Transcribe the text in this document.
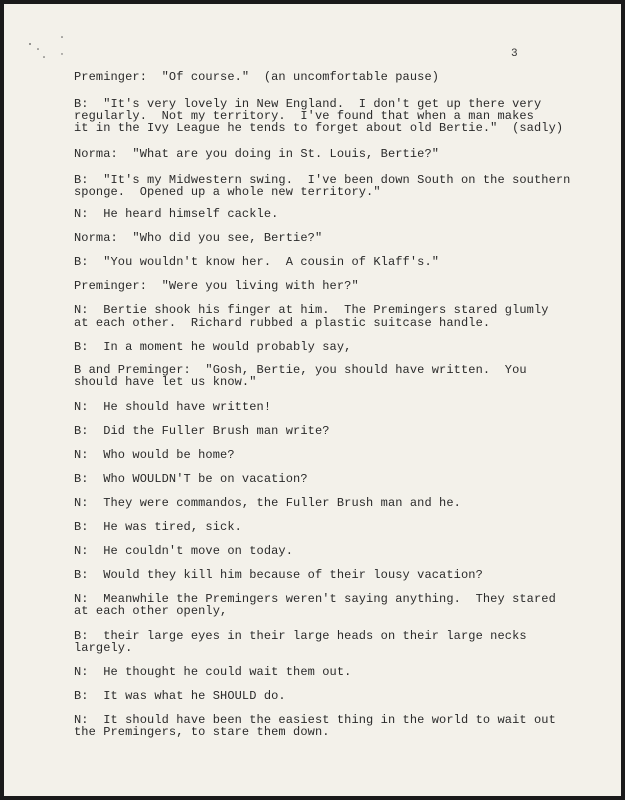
3
Preminger:  "Of course."  (an uncomfortable pause)
B:  "It's very lovely in New England.  I don't get up there very
regularly.  Not my territory.  I've found that when a man makes
it in the Ivy League he tends to forget about old Bertie."  (sadly)
Norma:  "What are you doing in St. Louis, Bertie?"
B:  "It's my Midwestern swing.  I've been down South on the southern
sponge.  Opened up a whole new territory."
N:  He heard himself cackle.
Norma:  "Who did you see, Bertie?"
B:  "You wouldn't know her.  A cousin of Klaff's."
Preminger:  "Were you living with her?"
N:  Bertie shook his finger at him.  The Premingers stared glumly
at each other.  Richard rubbed a plastic suitcase handle.
B:  In a moment he would probably say,
B and Preminger:  "Gosh, Bertie, you should have written.  You
should have let us know."
N:  He should have written!
B:  Did the Fuller Brush man write?
N:  Who would be home?
B:  Who WOULDN'T be on vacation?
N:  They were commandos, the Fuller Brush man and he.
B:  He was tired, sick.
N:  He couldn't move on today.
B:  Would they kill him because of their lousy vacation?
N:  Meanwhile the Premingers weren't saying anything.  They stared
at each other openly,
B:  their large eyes in their large heads on their large necks
largely.
N:  He thought he could wait them out.
B:  It was what he SHOULD do.
N:  It should have been the easiest thing in the world to wait out
the Premingers, to stare them down.
